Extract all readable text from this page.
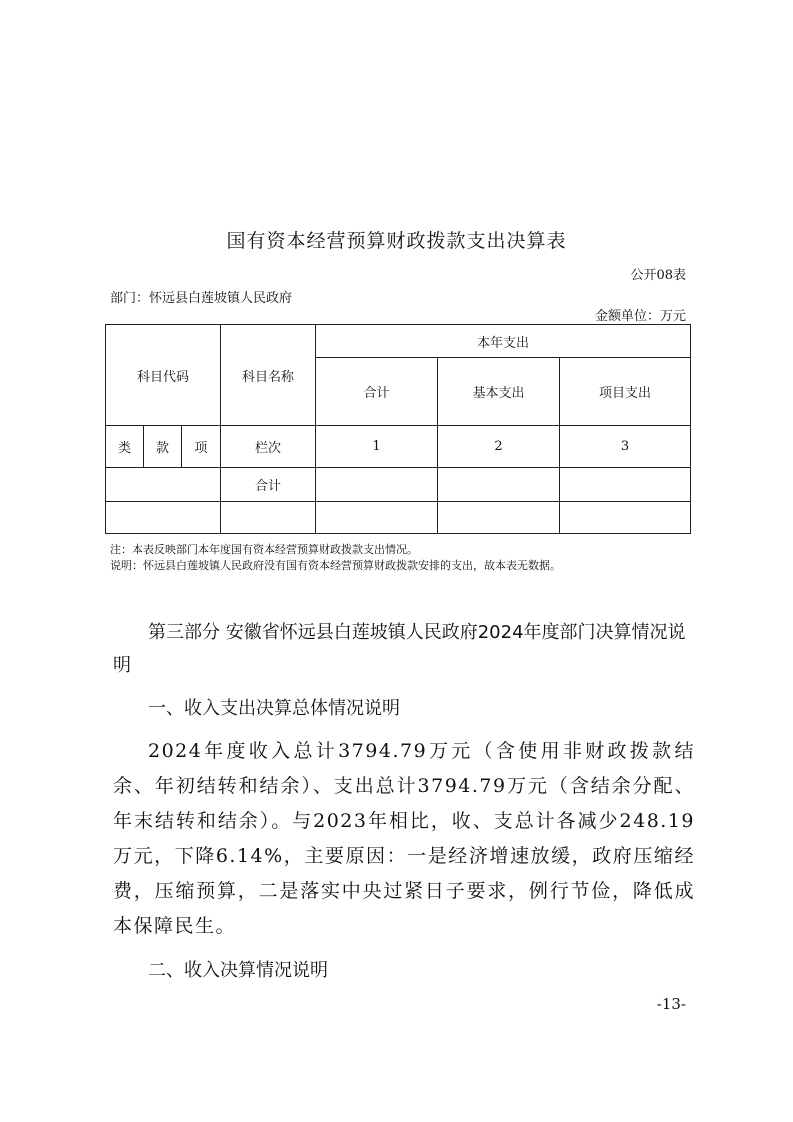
国有资本经营预算财政拨款支出决算表
公开08表
部门：怀远县白莲坡镇人民政府
金额单位：万元
科目代码			科目名称	本年支出		
				合计	基本支出	项目支出
类	款	项	栏次	1	2	3
			合计			

注：本表反映部门本年度国有资本经营预算财政拨款支出情况。
说明：怀远县白莲坡镇人民政府没有国有资本经营预算财政拨款安排的支出，故本表无数据。
第三部分 安徽省怀远县白莲坡镇人民政府2024年度部门决算情况说明
一、收入支出决算总体情况说明
2024年度收入总计3794.79万元（含使用非财政拨款结余、年初结转和结余）、支出总计3794.79万元（含结余分配、年末结转和结余）。与2023年相比，收、支总计各减少248.19万元，下降6.14%，主要原因：一是经济增速放缓，政府压缩经费，压缩预算，二是落实中央过紧日子要求，例行节俭，降低成本保障民生。
二、收入决算情况说明
-13-
